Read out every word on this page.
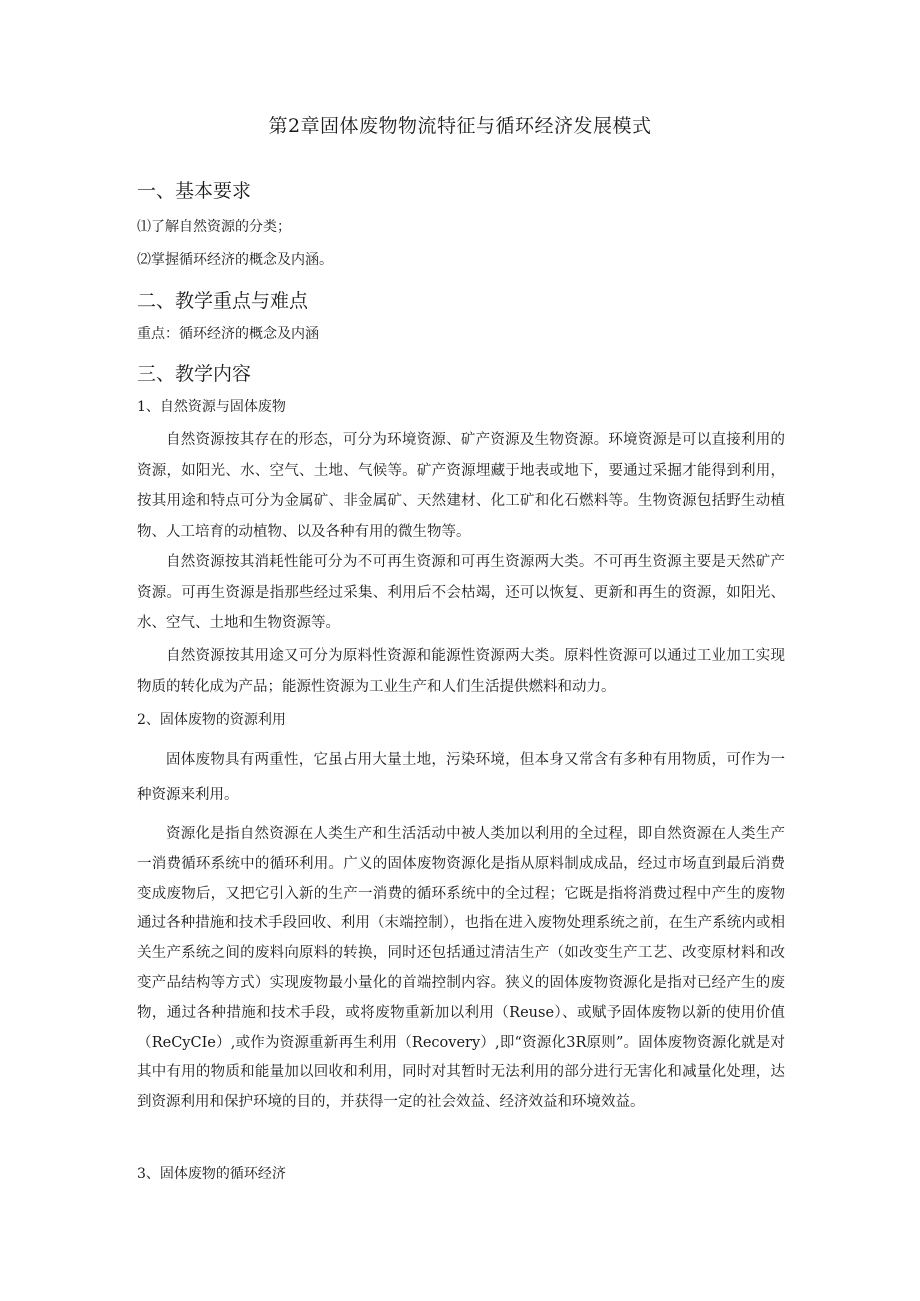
第2章固体废物物流特征与循环经济发展模式
一、基本要求
⑴了解自然资源的分类；
⑵掌握循环经济的概念及内涵。
二、教学重点与难点
重点：循环经济的概念及内涵
三、教学内容
1、自然资源与固体废物

自然资源按其存在的形态，可分为环境资源、矿产资源及生物资源。环境资源是可以直接利用的资源，如阳光、水、空气、土地、气候等。矿产资源埋藏于地表或地下，要通过采掘才能得到利用，按其用途和特点可分为金属矿、非金属矿、天然建材、化工矿和化石燃料等。生物资源包括野生动植物、人工培育的动植物、以及各种有用的微生物等。

自然资源按其消耗性能可分为不可再生资源和可再生资源两大类。不可再生资源主要是天然矿产资源。可再生资源是指那些经过采集、利用后不会枯竭，还可以恢复、更新和再生的资源，如阳光、水、空气、土地和生物资源等。

自然资源按其用途又可分为原料性资源和能源性资源两大类。原料性资源可以通过工业加工实现物质的转化成为产品；能源性资源为工业生产和人们生活提供燃料和动力。

2、固体废物的资源利用

固体废物具有两重性，它虽占用大量土地，污染环境，但本身又常含有多种有用物质，可作为一种资源来利用。

资源化是指自然资源在人类生产和生活活动中被人类加以利用的全过程，即自然资源在人类生产一消费循环系统中的循环利用。广义的固体废物资源化是指从原料制成成品，经过市场直到最后消费变成废物后，又把它引入新的生产一消费的循环系统中的全过程；它既是指将消费过程中产生的废物通过各种措施和技术手段回收、利用（末端控制），也指在进入废物处理系统之前，在生产系统内或相关生产系统之间的废料向原料的转换，同时还包括通过清洁生产（如改变生产工艺、改变原材料和改变产品结构等方式）实现废物最小量化的首端控制内容。狭义的固体废物资源化是指对已经产生的废物，通过各种措施和技术手段，或将废物重新加以利用（Reuse）、或赋予固体废物以新的使用价值（ReCyCIe）,或作为资源重新再生利用（Recovery）,即“资源化3R原则”。固体废物资源化就是对其中有用的物质和能量加以回收和利用，同时对其暂时无法利用的部分进行无害化和减量化处理，达到资源利用和保护环境的目的，并获得一定的社会效益、经济效益和环境效益。

3、固体废物的循环经济
